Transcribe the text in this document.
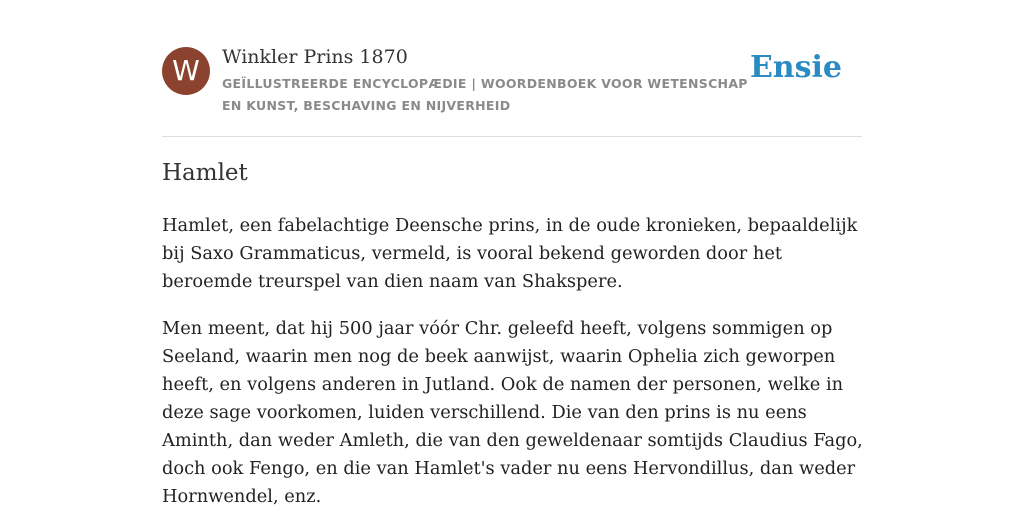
W	Winkler Prins 1870
GEÏLLUSTREERDE ENCYCLOPÆDIE | WOORDENBOEK VOOR WETENSCHAP EN KUNST, BESCHAVING EN NIJVERHEID
Ensie
Hamlet

Hamlet, een fabelachtige Deensche prins, in de oude kronieken, bepaaldelijk bij Saxo Grammaticus, vermeld, is vooral bekend geworden door het beroemde treurspel van dien naam van Shakspere.

Men meent, dat hij 500 jaar vóór Chr. geleefd heeft, volgens sommigen op Seeland, waarin men nog de beek aanwijst, waarin Ophelia zich geworpen heeft, en volgens anderen in Jutland. Ook de namen der personen, welke in deze sage voorkomen, luiden verschillend. Die van den prins is nu eens Aminth, dan weder Amleth, die van den geweldenaar somtijds Claudius Fago, doch ook Fengo, en die van Hamlet's vader nu eens Hervondillus, dan weder Hornwendel, enz.
